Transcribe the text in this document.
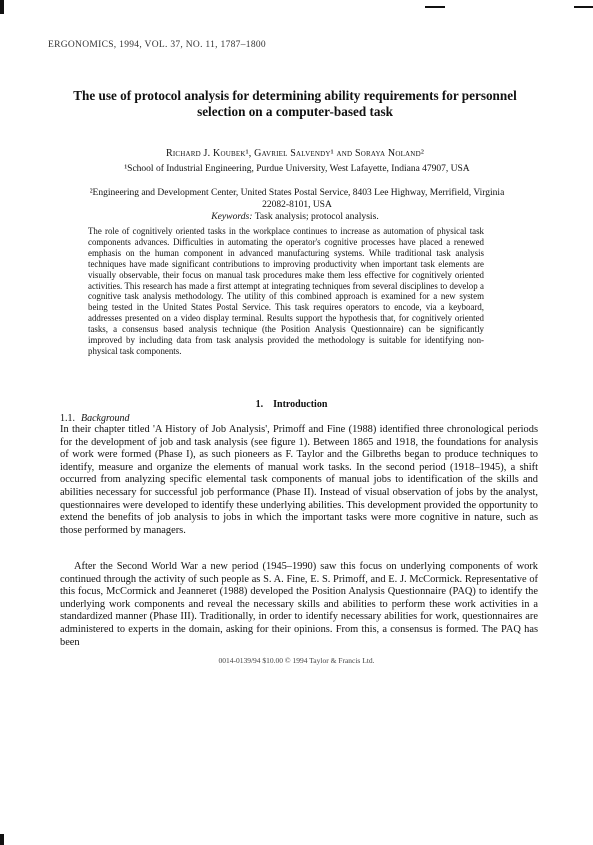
ERGONOMICS, 1994, VOL. 37, NO. 11, 1787–1800
The use of protocol analysis for determining ability requirements for personnel selection on a computer-based task
Richard J. Koubek¹, Gavriel Salvendy¹ and Soraya Noland²
¹School of Industrial Engineering, Purdue University, West Lafayette, Indiana 47907, USA
²Engineering and Development Center, United States Postal Service, 8403 Lee Highway, Merrifield, Virginia 22082-8101, USA
Keywords: Task analysis; protocol analysis.
The role of cognitively oriented tasks in the workplace continues to increase as automation of physical task components advances. Difficulties in automating the operator's cognitive processes have placed a renewed emphasis on the human component in advanced manufacturing systems. While traditional task analysis techniques have made significant contributions to improving productivity when important task elements are visually observable, their focus on manual task procedures make them less effective for cognitively oriented activities. This research has made a first attempt at integrating techniques from several disciplines to develop a cognitive task analysis methodology. The utility of this combined approach is examined for a new system being tested in the United States Postal Service. This task requires operators to encode, via a keyboard, addresses presented on a video display terminal. Results support the hypothesis that, for cognitively oriented tasks, a consensus based analysis technique (the Position Analysis Questionnaire) can be significantly improved by including data from task analysis provided the methodology is suitable for identifying non-physical task components.
1. Introduction
1.1. Background

In their chapter titled 'A History of Job Analysis', Primoff and Fine (1988) identified three chronological periods for the development of job and task analysis (see figure 1). Between 1865 and 1918, the foundations for analysis of work were formed (Phase I), as such pioneers as F. Taylor and the Gilbreths began to produce techniques to identify, measure and organize the elements of manual work tasks. In the second period (1918–1945), a shift occurred from analyzing specific elemental task components of manual jobs to identification of the skills and abilities necessary for successful job performance (Phase II). Instead of visual observation of jobs by the analyst, questionnaires were developed to identify these underlying abilities. This development provided the opportunity to extend the benefits of job analysis to jobs in which the important tasks were more cognitive in nature, such as those performed by managers.

After the Second World War a new period (1945–1990) saw this focus on underlying components of work continued through the activity of such people as S. A. Fine, E. S. Primoff, and E. J. McCormick. Representative of this focus, McCormick and Jeanneret (1988) developed the Position Analysis Questionnaire (PAQ) to identify the underlying work components and reveal the necessary skills and abilities to perform these work activities in a standardized manner (Phase III). Traditionally, in order to identify necessary abilities for work, questionnaires are administered to experts in the domain, asking for their opinions. From this, a consensus is formed. The PAQ has been

0014-0139/94 $10.00 © 1994 Taylor & Francis Ltd.
